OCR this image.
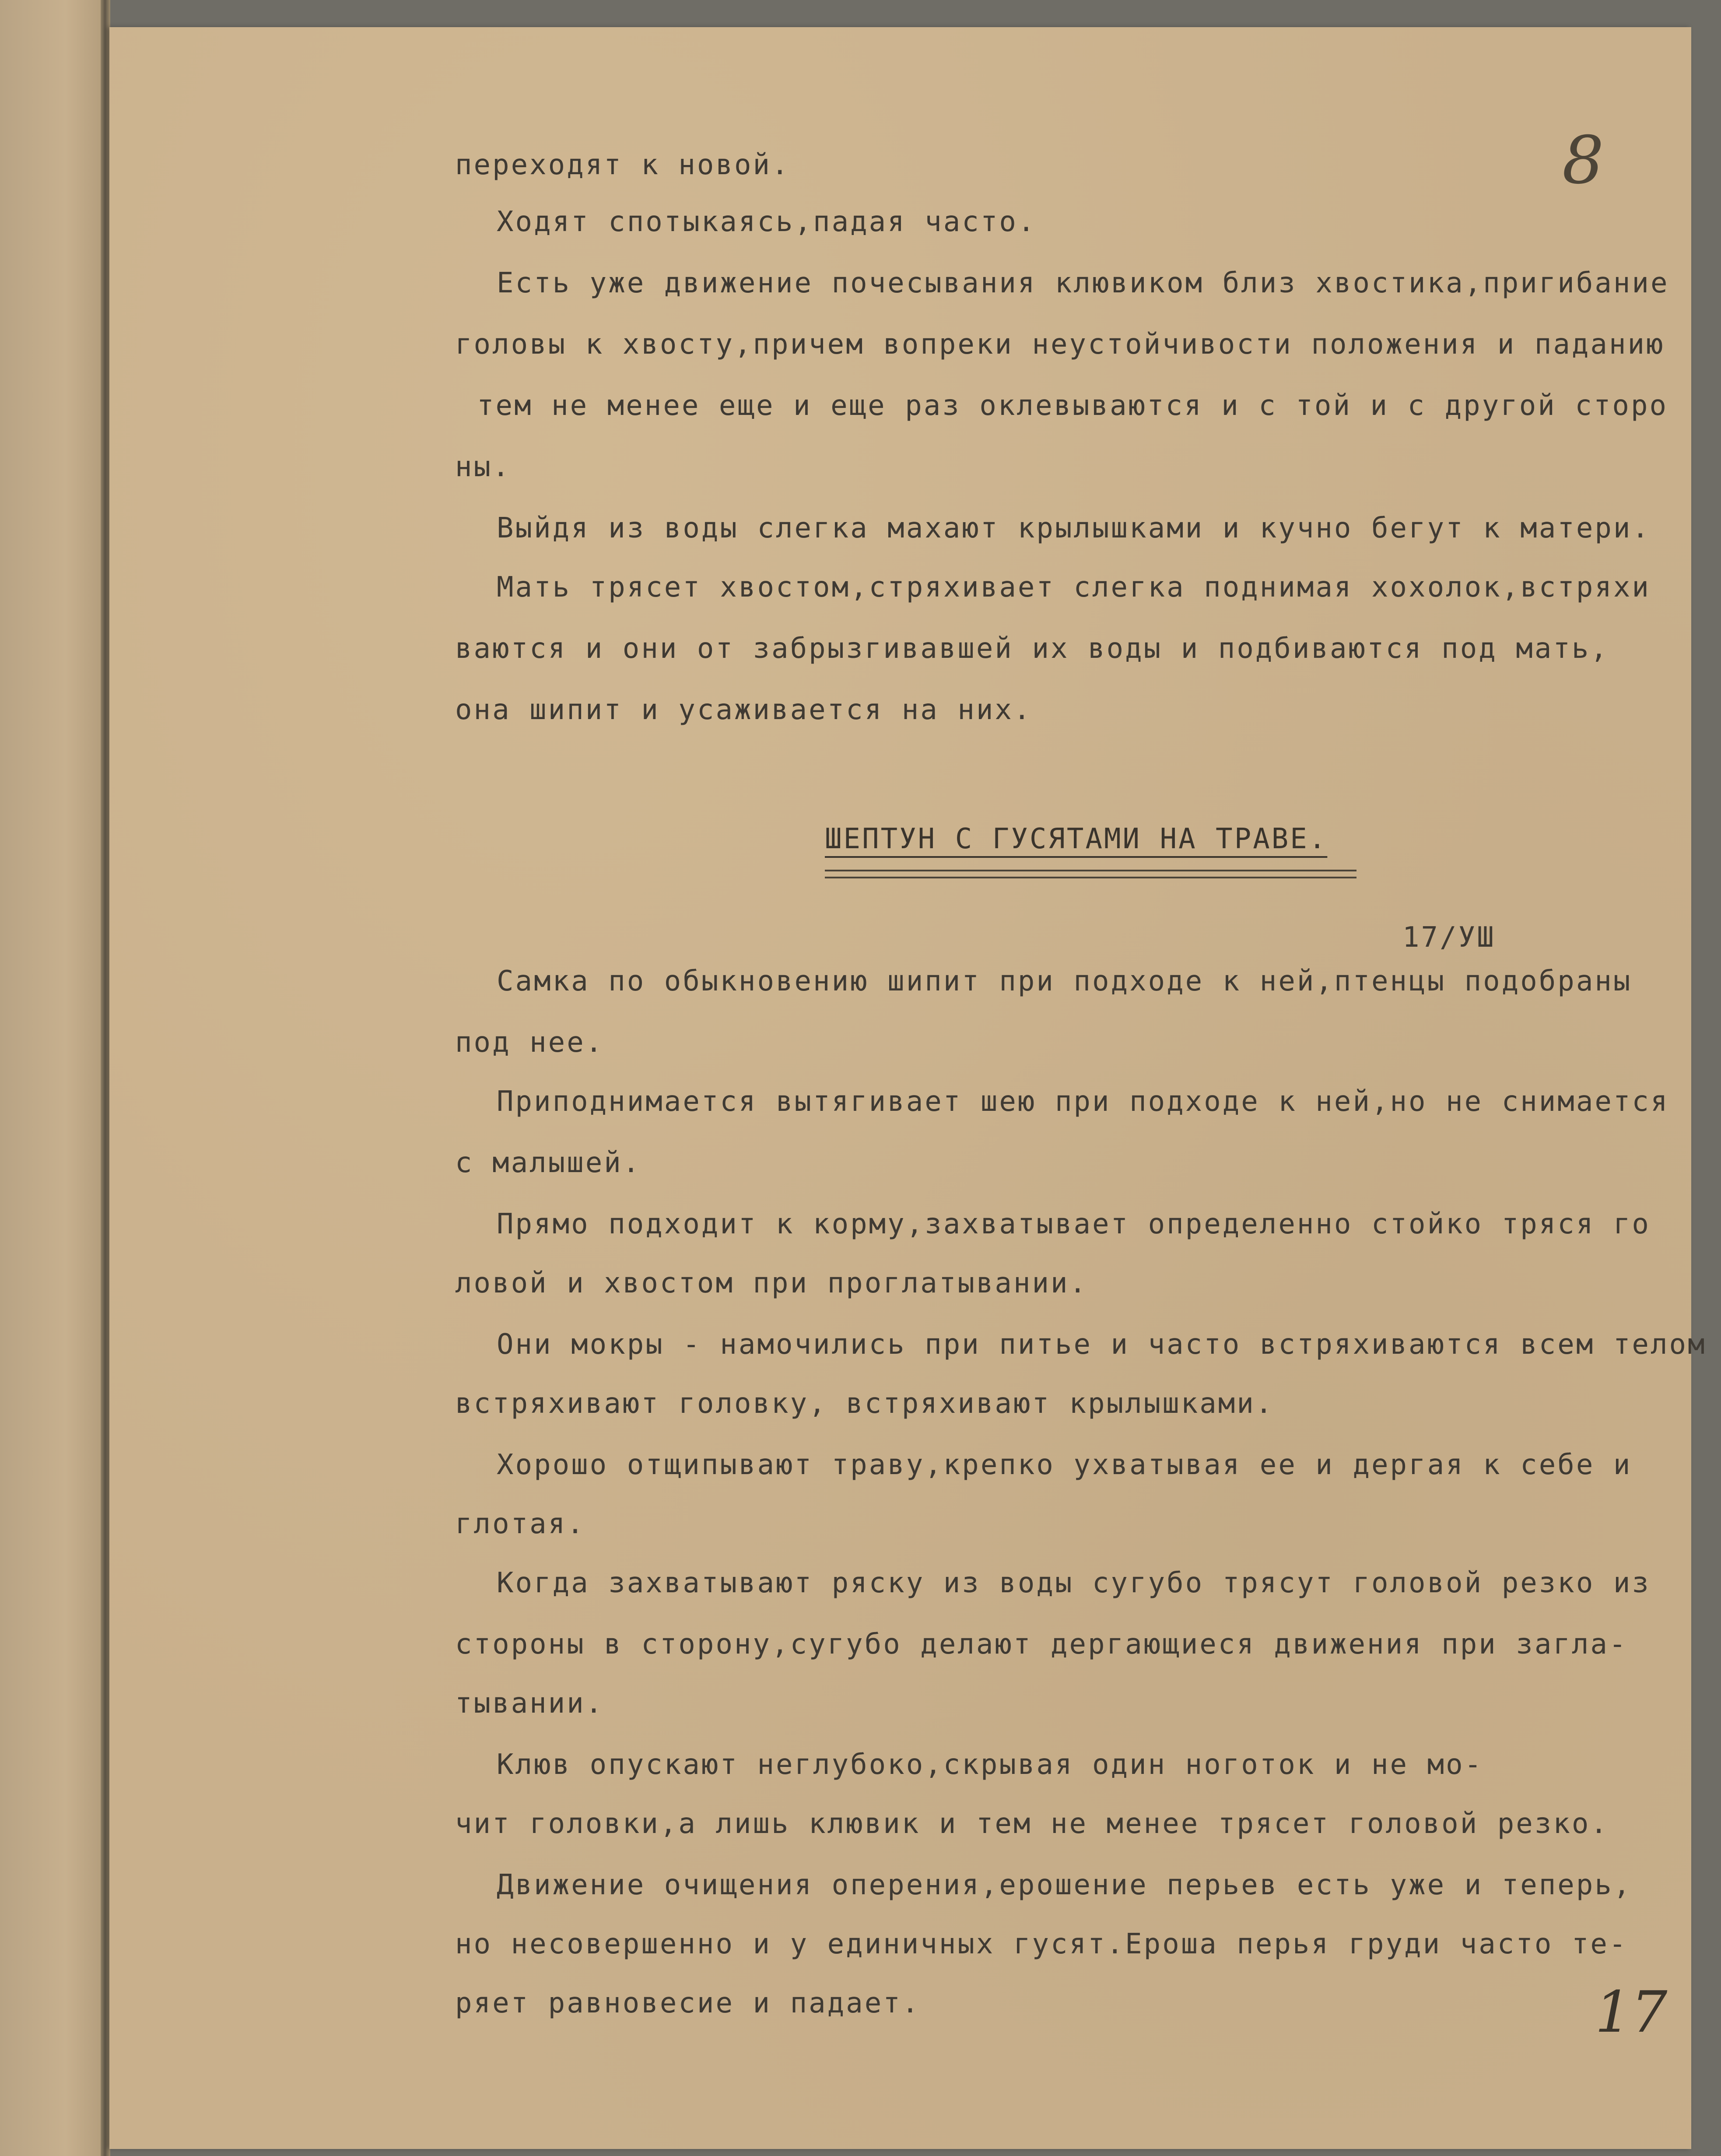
8
переходят к новой.
Ходят спотыкаясь,падая часто.
Есть уже движение почесывания клювиком близ хвостика,пригибание
головы к хвосту,причем вопреки неустойчивости положения и паданию
тем не менее еще и еще раз оклевываются и с той и с другой сторо
ны.
Выйдя из воды слегка махают крылышками и кучно бегут к матери.
Мать трясет хвостом,стряхивает слегка поднимая хохолок,встряхи
ваются и они от забрызгивавшей их воды и подбиваются под мать,
она шипит и усаживается на них.
ШЕПТУН С ГУСЯТАМИ НА ТРАВЕ.
17/УШ
Самка по обыкновению шипит при подходе к ней,птенцы подобраны
под нее.
Приподнимается вытягивает шею при подходе к ней,но не снимается
с малышей.
Прямо подходит к корму,захватывает определенно стойко тряся го
ловой и хвостом при проглатывании.
Они мокры - намочились при питье и часто встряхиваются всем телом
встряхивают головку, встряхивают крылышками.
Хорошо отщипывают траву,крепко ухватывая ее и дергая к себе и
глотая.
Когда захватывают ряску из воды сугубо трясут головой резко из
стороны в сторону,сугубо делают дергающиеся движения при загла-
тывании.
Клюв опускают неглубоко,скрывая один ноготок и не мо-
чит головки,а лишь клювик и тем не менее трясет головой резко.
Движение очищения оперения,ерошение перьев есть уже и теперь,
но несовершенно и у единичных гусят.Ероша перья груди часто те-
ряет равновесие и падает.	17
